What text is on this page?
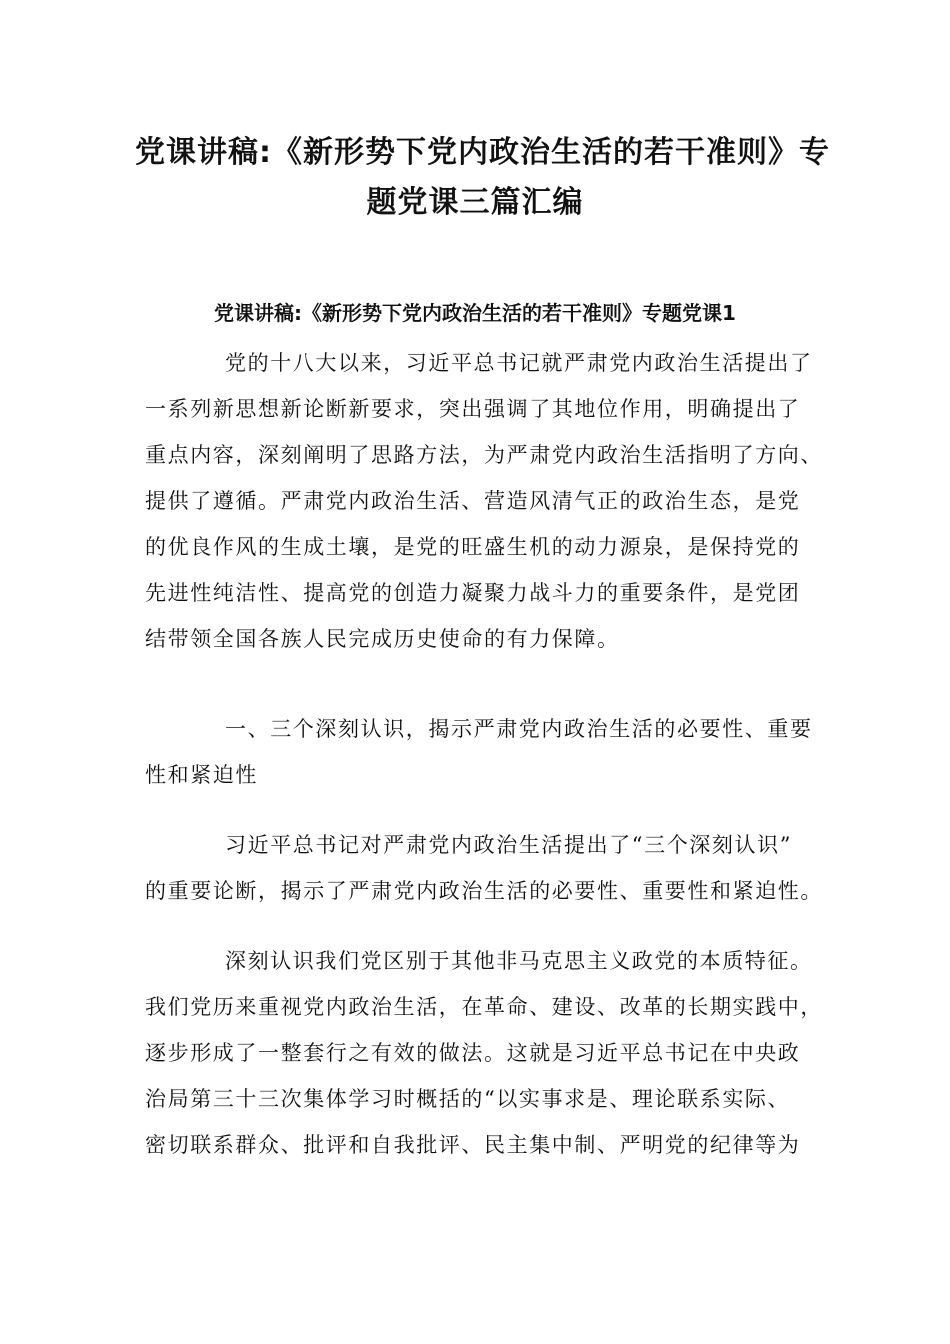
党课讲稿:《新形势下党内政治生活的若干准则》专
题党课三篇汇编
党课讲稿:《新形势下党内政治生活的若干准则》专题党课1

党的十八大以来，习近平总书记就严肃党内政治生活提出了
一系列新思想新论断新要求，突出强调了其地位作用，明确提出了
重点内容，深刻阐明了思路方法，为严肃党内政治生活指明了方向、
提供了遵循。严肃党内政治生活、营造风清气正的政治生态，是党
的优良作风的生成土壤，是党的旺盛生机的动力源泉，是保持党的
先进性纯洁性、提高党的创造力凝聚力战斗力的重要条件，是党团
结带领全国各族人民完成历史使命的有力保障。

一、三个深刻认识，揭示严肃党内政治生活的必要性、重要
性和紧迫性

习近平总书记对严肃党内政治生活提出了“三个深刻认识”
的重要论断，揭示了严肃党内政治生活的必要性、重要性和紧迫性。

深刻认识我们党区别于其他非马克思主义政党的本质特征。
我们党历来重视党内政治生活，在革命、建设、改革的长期实践中，
逐步形成了一整套行之有效的做法。这就是习近平总书记在中央政
治局第三十三次集体学习时概括的“以实事求是、理论联系实际、
密切联系群众、批评和自我批评、民主集中制、严明党的纪律等为
